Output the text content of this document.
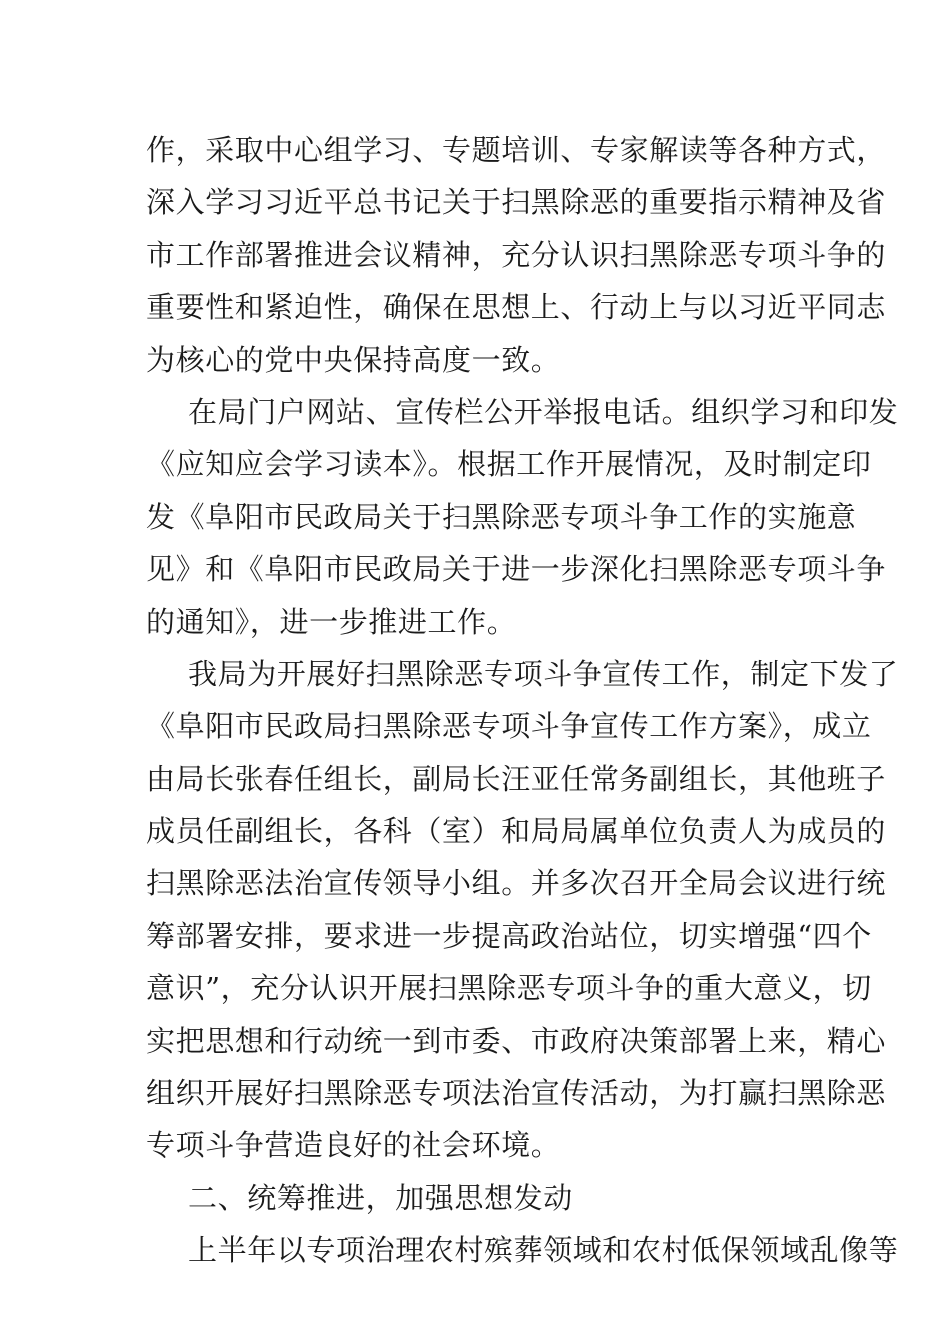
作，采取中心组学习、专题培训、专家解读等各种方式，
深入学习习近平总书记关于扫黑除恶的重要指示精神及省
市工作部署推进会议精神，充分认识扫黑除恶专项斗争的
重要性和紧迫性，确保在思想上、行动上与以习近平同志
为核心的党中央保持高度一致。
在局门户网站、宣传栏公开举报电话。组织学习和印发
《应知应会学习读本》。根据工作开展情况，及时制定印
发《阜阳市民政局关于扫黑除恶专项斗争工作的实施意
见》和《阜阳市民政局关于进一步深化扫黑除恶专项斗争
的通知》，进一步推进工作。
我局为开展好扫黑除恶专项斗争宣传工作，制定下发了
《阜阳市民政局扫黑除恶专项斗争宣传工作方案》，成立
由局长张春任组长，副局长汪亚任常务副组长，其他班子
成员任副组长，各科（室）和局局属单位负责人为成员的
扫黑除恶法治宣传领导小组。并多次召开全局会议进行统
筹部署安排，要求进一步提高政治站位，切实增强“四个
意识”，充分认识开展扫黑除恶专项斗争的重大意义，切
实把思想和行动统一到市委、市政府决策部署上来，精心
组织开展好扫黑除恶专项法治宣传活动，为打赢扫黑除恶
专项斗争营造良好的社会环境。
二、统筹推进，加强思想发动
上半年以专项治理农村殡葬领域和农村低保领域乱像等
